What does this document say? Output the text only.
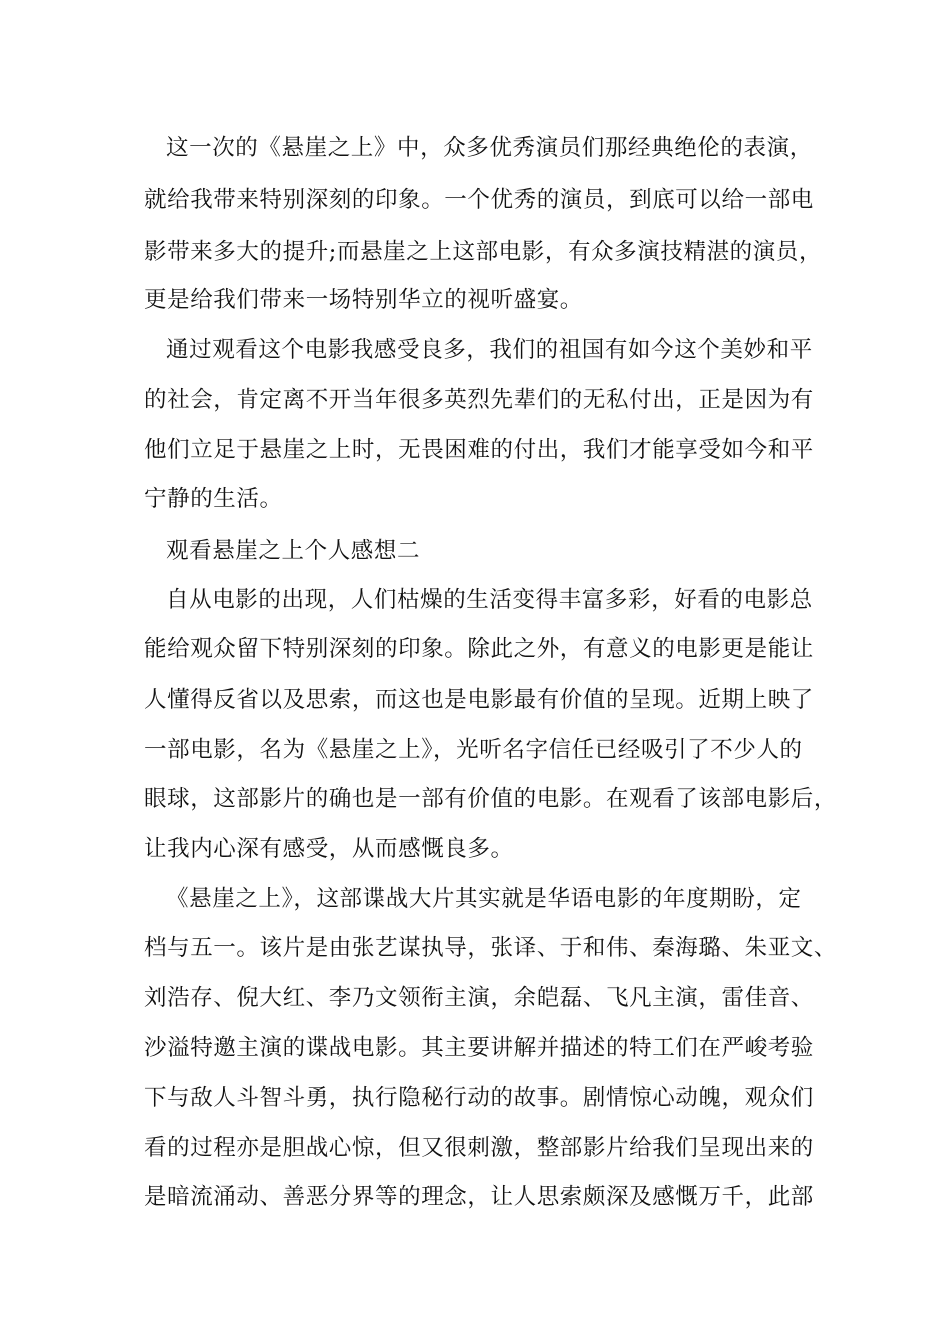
这一次的《悬崖之上》中，众多优秀演员们那经典绝伦的表演，

就给我带来特别深刻的印象。一个优秀的演员，到底可以给一部电

影带来多大的提升;而悬崖之上这部电影，有众多演技精湛的演员，

更是给我们带来一场特别华立的视听盛宴。

通过观看这个电影我感受良多，我们的祖国有如今这个美妙和平

的社会，肯定离不开当年很多英烈先辈们的无私付出，正是因为有

他们立足于悬崖之上时，无畏困难的付出，我们才能享受如今和平

宁静的生活。

观看悬崖之上个人感想二

自从电影的出现，人们枯燥的生活变得丰富多彩，好看的电影总

能给观众留下特别深刻的印象。除此之外，有意义的电影更是能让

人懂得反省以及思索，而这也是电影最有价值的呈现。近期上映了

一部电影，名为《悬崖之上》，光听名字信任已经吸引了不少人的

眼球，这部影片的确也是一部有价值的电影。在观看了该部电影后，

让我内心深有感受，从而感慨良多。

《悬崖之上》，这部谍战大片其实就是华语电影的年度期盼，定

档与五一。该片是由张艺谋执导，张译、于和伟、秦海璐、朱亚文、

刘浩存、倪大红、李乃文领衔主演，余皑磊、飞凡主演，雷佳音、

沙溢特邀主演的谍战电影。其主要讲解并描述的特工们在严峻考验

下与敌人斗智斗勇，执行隐秘行动的故事。剧情惊心动魄，观众们

看的过程亦是胆战心惊，但又很刺激，整部影片给我们呈现出来的

是暗流涌动、善恶分界等的理念，让人思索颇深及感慨万千，此部
